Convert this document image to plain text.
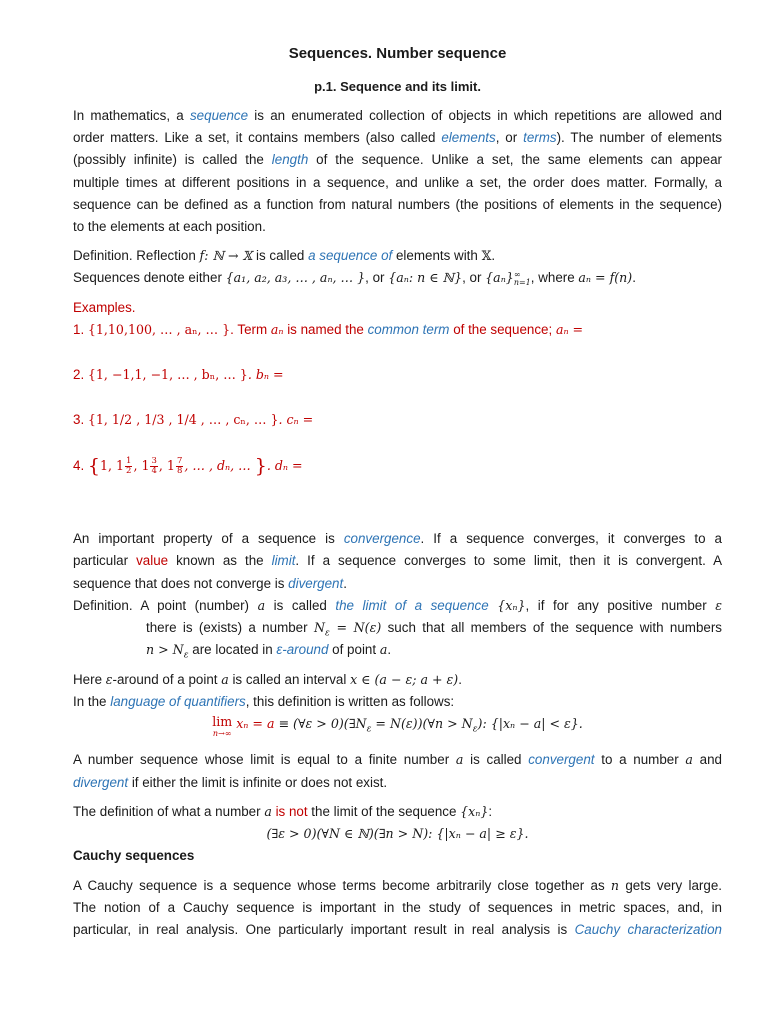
Sequences. Number sequence
p.1. Sequence and its limit.
In mathematics, a sequence is an enumerated collection of objects in which repetitions are allowed and
order matters. Like a set, it contains members (also called elements, or terms). The number of elements
(possibly infinite) is called the length of the sequence. Unlike a set, the same elements can appear
multiple times at different positions in a sequence, and unlike a set, the order does matter. Formally, a
sequence can be defined as a function from natural numbers (the positions of elements in the sequence)
to the elements at each position.
Definition. Reflection f: ℕ → 𝕏 is called a sequence of elements with 𝕏.
Sequences denote either {a₁, a₂, a₃, … , aₙ, … }, or {aₙ: n ∈ ℕ}, or {aₙ} ∞
n=1 , where aₙ = f(n).
Examples.
1. {1,10,100, … , aₙ, … }. Term aₙ is named the common term of the sequence; aₙ =
2. {1, −1,1, −1, … , bₙ, … }. bₙ =
3. {1, 1/2 , 1/3 , 1/4 , … , cₙ, … }. cₙ =
4. {1, $1 \frac{1}{2}$ , $1 \frac{3}{4}$ , $1 \frac{7}{8}$ , … , dₙ, … }. dₙ =
An important property of a sequence is convergence. If a sequence converges, it converges to a
particular value known as the limit. If a sequence converges to some limit, then it is convergent. A
sequence that does not converge is divergent.
Definition. A point (number) a is called the limit of a sequence {xₙ}, if for any positive number ε
there is (exists) a number $N_\varepsilon = N(\varepsilon)$ such that all members of the sequence with numbers
$n > N_\varepsilon$ are located in ε-around of point a.
Here ε-around of a point a is called an interval x ∈ (a − ε; a + ε).
In the language of quantifiers, this definition is written as follows:
lim
n→∞
xₙ = a ≡ (∀ε > $0)(\exists N_\varepsilon$ = N(ε))(∀n > $N_\varepsilon$): {|xₙ − a| < ε}.
A number sequence whose limit is equal to a finite number a is called convergent to a number a and
divergent if either the limit is infinite or does not exist.
The definition of what a number a is not the limit of the sequence {xₙ}:
(∃ε > 0)(∀N ∈ ℕ)(∃n > N): {|xₙ − a| ≥ ε}.
Cauchy sequences
A Cauchy sequence is a sequence whose terms become arbitrarily close together as n gets very large.
The notion of a Cauchy sequence is important in the study of sequences in metric spaces, and, in
particular, in real analysis. One particularly important result in real analysis is Cauchy characterization
